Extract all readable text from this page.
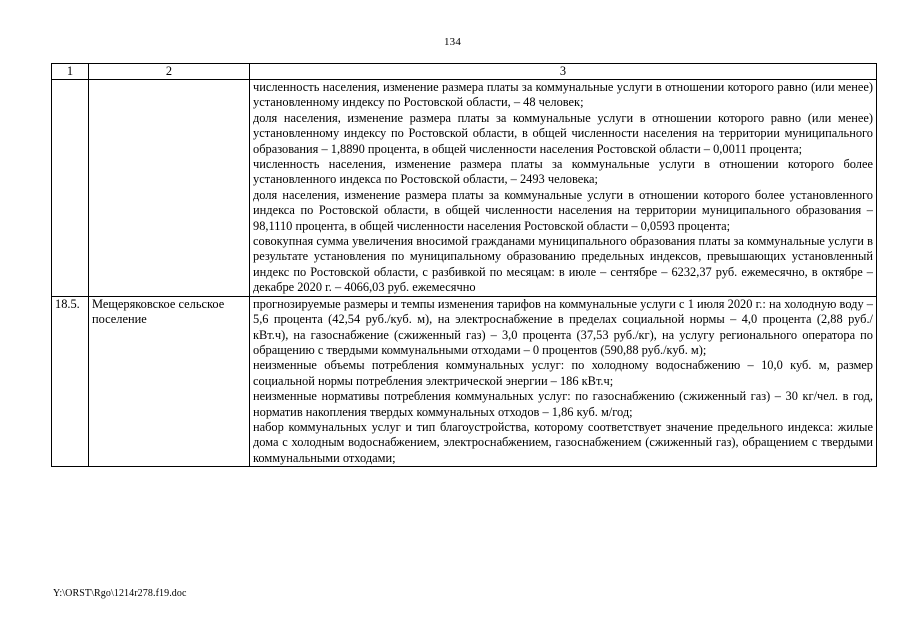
134
1	2	3

		численность населения, изменение размера платы за коммунальные услуги в отношении которого равно (или менее) установленному индексу по Ростовской области, – 48 человек;

доля населения, изменение размера платы за коммунальные услуги в отношении которого равно (или менее) установленному индексу по Ростовской области, в общей численности населения на территории муниципального образования – 1,8890 процента, в общей численности населения Ростовской области – 0,0011 процента;

численность населения, изменение размера платы за коммунальные услуги в отношении которого более установленного индекса по Ростовской области, – 2493 человека;

доля населения, изменение размера платы за коммунальные услуги в отношении которого более установленного индекса по Ростовской области, в общей численности населения на территории муниципального образования – 98,1110 процента, в общей численности населения Ростовской области – 0,0593 процента;

совокупная сумма увеличения вносимой гражданами муниципального образования платы за коммунальные услуги в результате установления по муниципальному образованию предельных индексов, превышающих установленный индекс по Ростовской области, с разбивкой по месяцам: в июле – сентябре – 6232,37 руб. ежемесячно, в октябре – декабре 2020 г. – 4066,03 руб. ежемесячно

18.5.	Мещеряковское сельское поселение	прогнозируемые размеры и темпы изменения тарифов на коммунальные услуги с 1 июля 2020 г.: на холодную воду – 5,6 процента (42,54 руб./куб. м), на электроснабжение в пределах социальной нормы – 4,0 процента (2,88 руб./кВт.ч), на газоснабжение (сжиженный газ) – 3,0 процента (37,53 руб./кг), на услугу регионального оператора по обращению с твердыми коммунальными отходами – 0 процентов (590,88 руб./куб. м);

неизменные объемы потребления коммунальных услуг: по холодному водоснабжению – 10,0 куб. м, размер социальной нормы потребления электрической энергии – 186 кВт.ч;

неизменные нормативы потребления коммунальных услуг: по газоснабжению (сжиженный газ) – 30 кг/чел. в год, норматив накопления твердых коммунальных отходов – 1,86 куб. м/год;

набор коммунальных услуг и тип благоустройства, которому соответствует значение предельного индекса: жилые дома с холодным водоснабжением, электроснабжением, газоснабжением (сжиженный газ), обращением с твердыми коммунальными отходами;

Y:\ORST\Rgo\1214r278.f19.doc
